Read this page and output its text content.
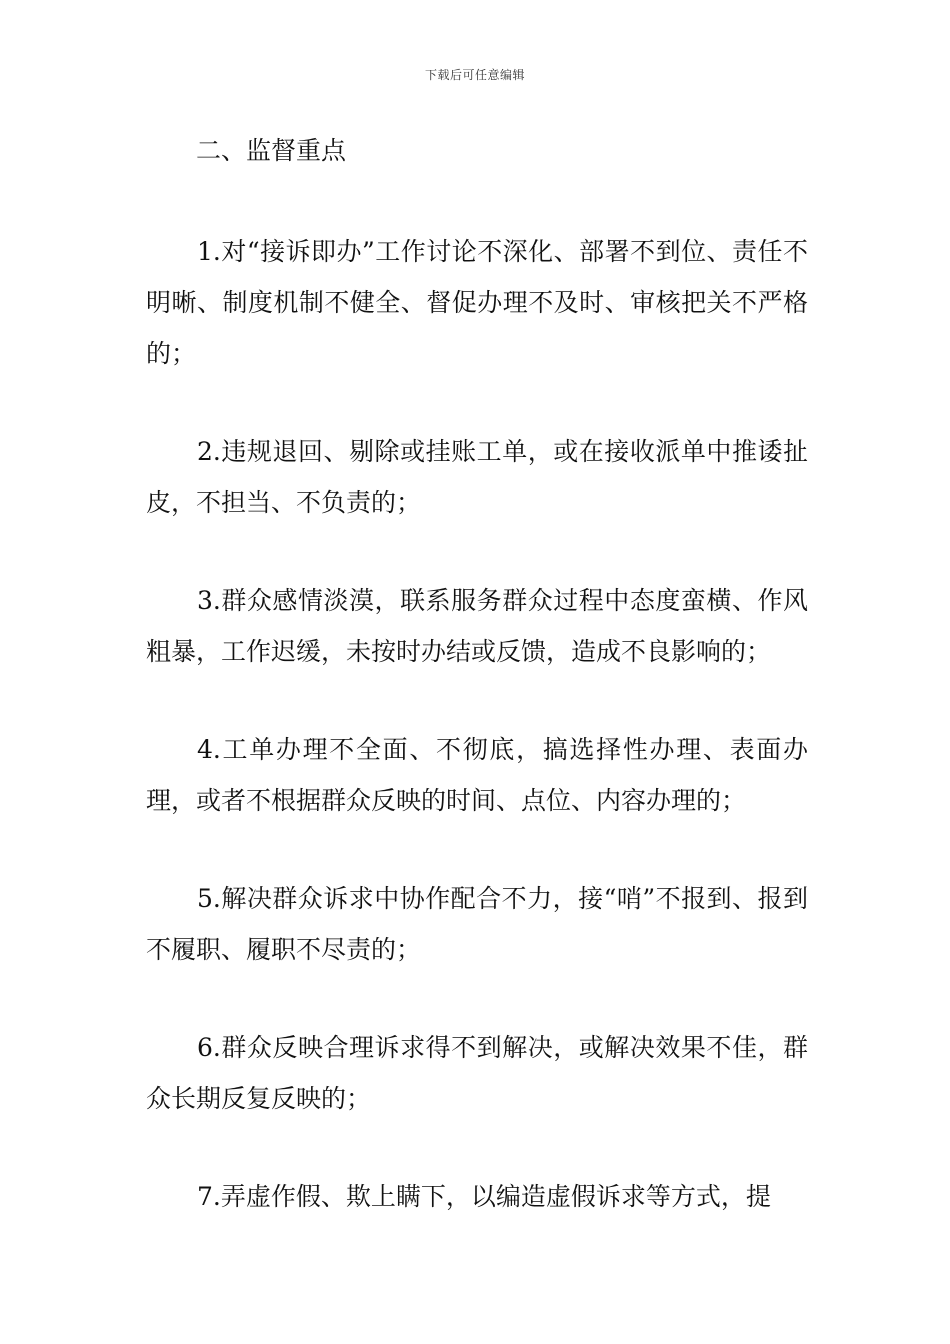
下载后可任意编辑

二、监督重点

1.对“接诉即办”工作讨论不深化、部署不到位、责任不明晰、制度机制不健全、督促办理不及时、审核把关不严格的；

2.违规退回、剔除或挂账工单，或在接收派单中推诿扯皮，不担当、不负责的；

3.群众感情淡漠，联系服务群众过程中态度蛮横、作风粗暴，工作迟缓，未按时办结或反馈，造成不良影响的；

4.工单办理不全面、不彻底，搞选择性办理、表面办理，或者不根据群众反映的时间、点位、内容办理的；

5.解决群众诉求中协作配合不力，接“哨”不报到、报到不履职、履职不尽责的；

6.群众反映合理诉求得不到解决，或解决效果不佳，群众长期反复反映的；

7.弄虚作假、欺上瞒下，以编造虚假诉求等方式，提
